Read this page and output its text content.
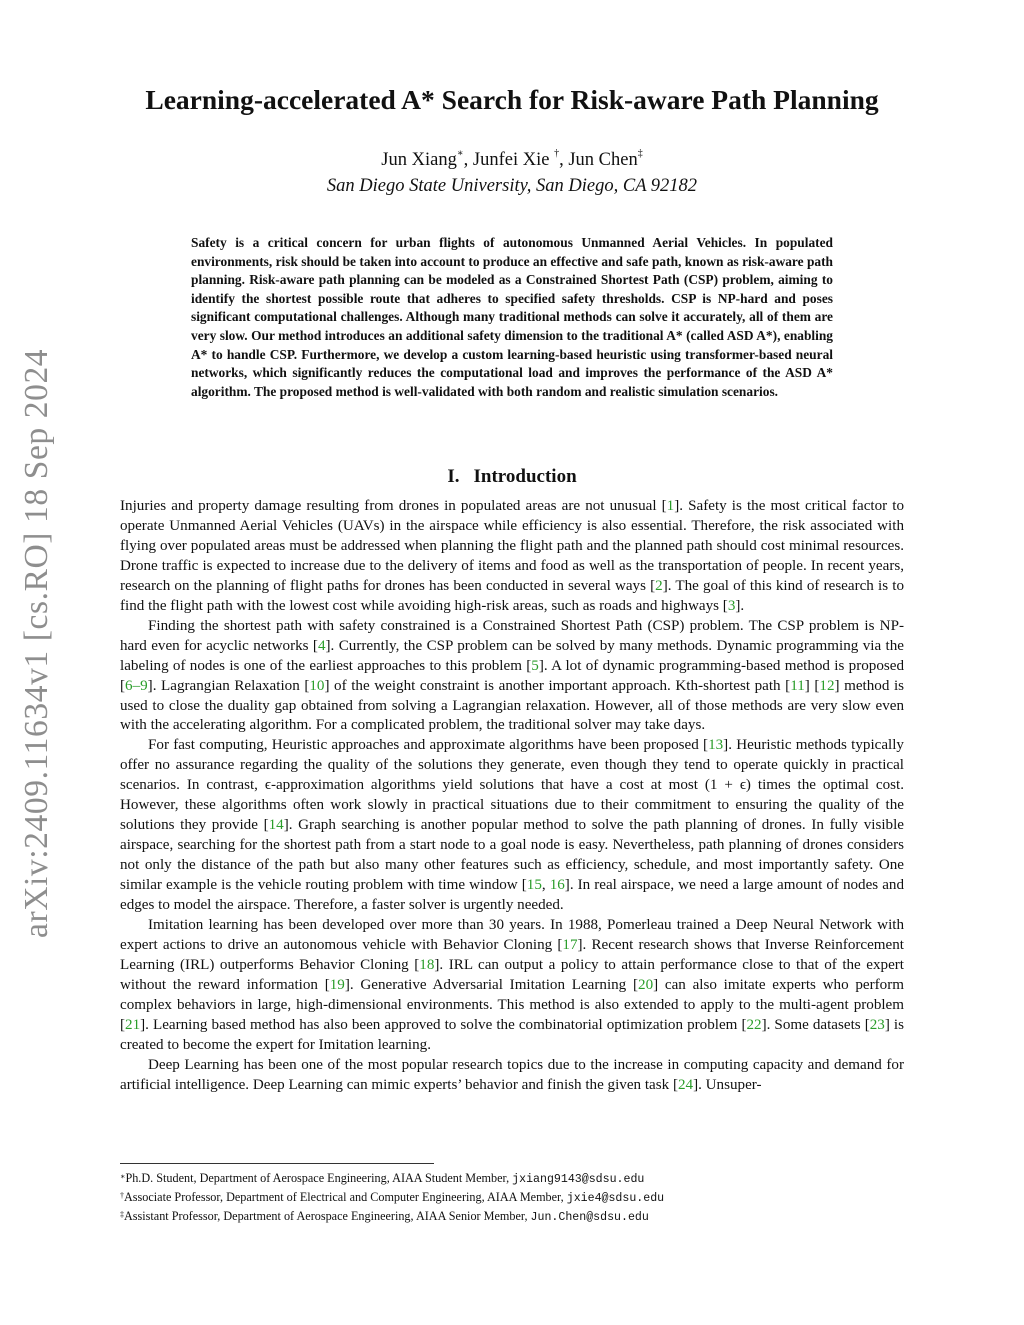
arXiv:2409.11634v1 [cs.RO] 18 Sep 2024
Learning-accelerated A* Search for Risk-aware Path Planning
Jun Xiang∗, Junfei Xie †, Jun Chen‡
San Diego State University, San Diego, CA 92182
Safety is a critical concern for urban flights of autonomous Unmanned Aerial Vehicles. In populated environments, risk should be taken into account to produce an effective and safe path, known as risk-aware path planning. Risk-aware path planning can be modeled as a Constrained Shortest Path (CSP) problem, aiming to identify the shortest possible route that adheres to specified safety thresholds. CSP is NP-hard and poses significant computational challenges. Although many traditional methods can solve it accurately, all of them are very slow. Our method introduces an additional safety dimension to the traditional A* (called ASD A*), enabling A* to handle CSP. Furthermore, we develop a custom learning-based heuristic using transformer-based neural networks, which significantly reduces the computational load and improves the performance of the ASD A* algorithm. The proposed method is well-validated with both random and realistic simulation scenarios.
I. Introduction

Injuries and property damage resulting from drones in populated areas are not unusual [1]. Safety is the most critical factor to operate Unmanned Aerial Vehicles (UAVs) in the airspace while efficiency is also essential. Therefore, the risk associated with flying over populated areas must be addressed when planning the flight path and the planned path should cost minimal resources. Drone traffic is expected to increase due to the delivery of items and food as well as the transportation of people. In recent years, research on the planning of flight paths for drones has been conducted in several ways [2]. The goal of this kind of research is to find the flight path with the lowest cost while avoiding high-risk areas, such as roads and highways [3].

Finding the shortest path with safety constrained is a Constrained Shortest Path (CSP) problem. The CSP problem is NP-hard even for acyclic networks [4]. Currently, the CSP problem can be solved by many methods. Dynamic programming via the labeling of nodes is one of the earliest approaches to this problem [5]. A lot of dynamic programming-based method is proposed [6–9]. Lagrangian Relaxation [10] of the weight constraint is another important approach. Kth-shortest path [11] [12] method is used to close the duality gap obtained from solving a Lagrangian relaxation. However, all of those methods are very slow even with the accelerating algorithm. For a complicated problem, the traditional solver may take days.

For fast computing, Heuristic approaches and approximate algorithms have been proposed [13]. Heuristic methods typically offer no assurance regarding the quality of the solutions they generate, even though they tend to operate quickly in practical scenarios. In contrast, ϵ-approximation algorithms yield solutions that have a cost at most (1 + ϵ) times the optimal cost. However, these algorithms often work slowly in practical situations due to their commitment to ensuring the quality of the solutions they provide [14]. Graph searching is another popular method to solve the path planning of drones. In fully visible airspace, searching for the shortest path from a start node to a goal node is easy. Nevertheless, path planning of drones considers not only the distance of the path but also many other features such as efficiency, schedule, and most importantly safety. One similar example is the vehicle routing problem with time window [15, 16]. In real airspace, we need a large amount of nodes and edges to model the airspace. Therefore, a faster solver is urgently needed.

Imitation learning has been developed over more than 30 years. In 1988, Pomerleau trained a Deep Neural Network with expert actions to drive an autonomous vehicle with Behavior Cloning [17]. Recent research shows that Inverse Reinforcement Learning (IRL) outperforms Behavior Cloning [18]. IRL can output a policy to attain performance close to that of the expert without the reward information [19]. Generative Adversarial Imitation Learning [20] can also imitate experts who perform complex behaviors in large, high-dimensional environments. This method is also extended to apply to the multi-agent problem [21]. Learning based method has also been approved to solve the combinatorial optimization problem [22]. Some datasets [23] is created to become the expert for Imitation learning.

Deep Learning has been one of the most popular research topics due to the increase in computing capacity and demand for artificial intelligence. Deep Learning can mimic experts’ behavior and finish the given task [24]. Unsuper-

∗Ph.D. Student, Department of Aerospace Engineering, AIAA Student Member, jxiang9143@sdsu.edu
†Associate Professor, Department of Electrical and Computer Engineering, AIAA Member, jxie4@sdsu.edu
‡Assistant Professor, Department of Aerospace Engineering, AIAA Senior Member, Jun.Chen@sdsu.edu
